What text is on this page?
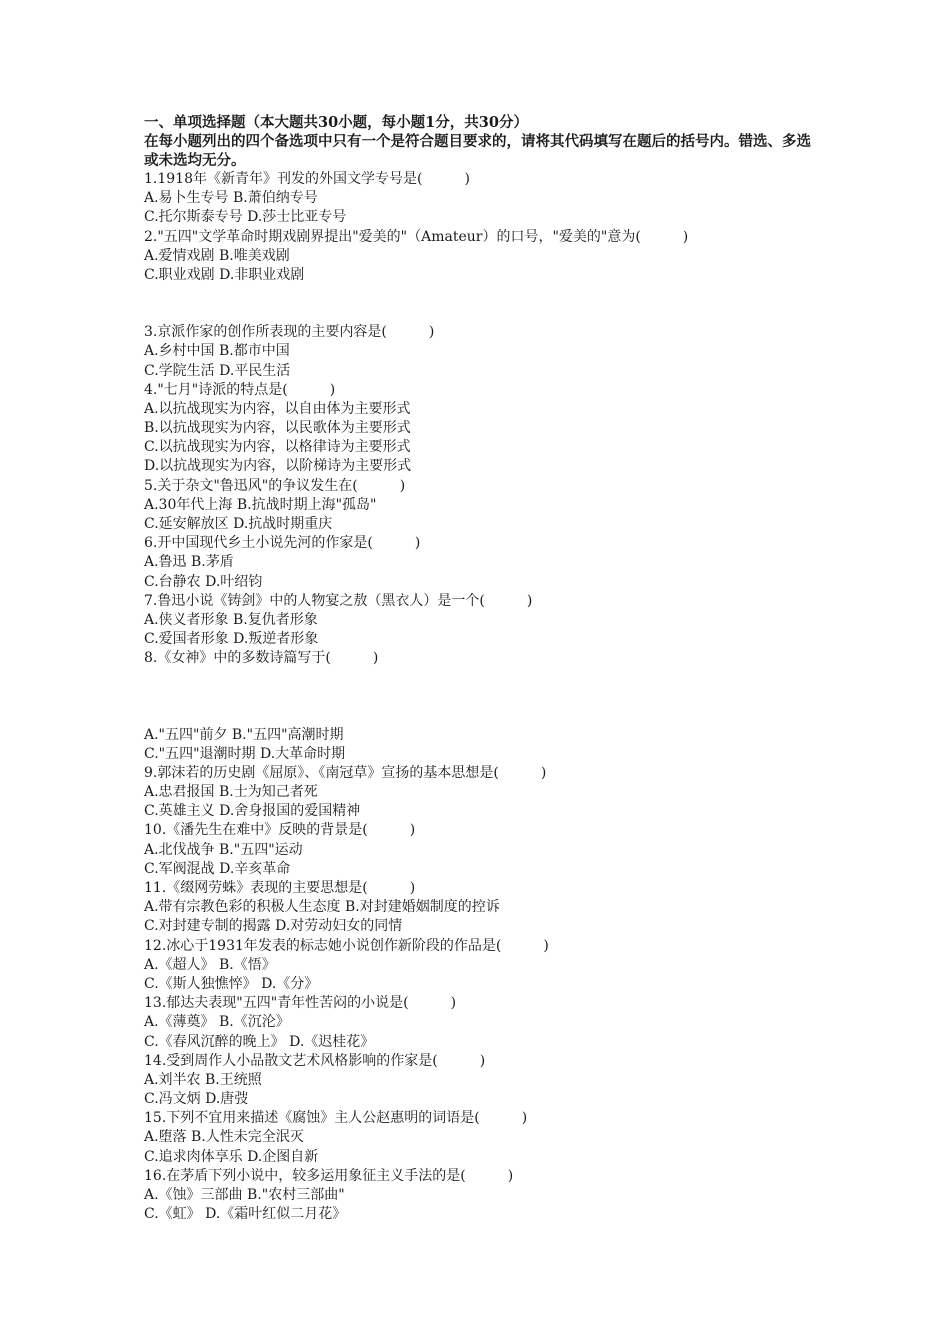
一、单项选择题（本大题共30小题，每小题1分，共30分）
在每小题列出的四个备选项中只有一个是符合题目要求的，请将其代码填写在题后的括号内。错选、多选或未选均无分。
1.1918年《新青年》刊发的外国文学专号是(　　　)
A.易卜生专号 B.萧伯纳专号
C.托尔斯泰专号 D.莎士比亚专号
2."五四"文学革命时期戏剧界提出"爱美的"（Amateur）的口号，"爱美的"意为(　　　)
A.爱情戏剧 B.唯美戏剧
C.职业戏剧 D.非职业戏剧
3.京派作家的创作所表现的主要内容是(　　　)
A.乡村中国 B.都市中国
C.学院生活 D.平民生活
4."七月"诗派的特点是(　　　)
A.以抗战现实为内容，以自由体为主要形式
B.以抗战现实为内容，以民歌体为主要形式
C.以抗战现实为内容，以格律诗为主要形式
D.以抗战现实为内容，以阶梯诗为主要形式
5.关于杂文"鲁迅风"的争议发生在(　　　)
A.30年代上海 B.抗战时期上海"孤岛"
C.延安解放区 D.抗战时期重庆
6.开中国现代乡土小说先河的作家是(　　　)
A.鲁迅 B.茅盾
C.台静农 D.叶绍钧
7.鲁迅小说《铸剑》中的人物宴之敖（黑衣人）是一个(　　　)
A.侠义者形象 B.复仇者形象
C.爱国者形象 D.叛逆者形象
8.《女神》中的多数诗篇写于(　　　)
A."五四"前夕 B."五四"高潮时期
C."五四"退潮时期 D.大革命时期
9.郭沫若的历史剧《屈原》、《南冠草》宣扬的基本思想是(　　　)
A.忠君报国 B.士为知己者死
C.英雄主义 D.舍身报国的爱国精神
10.《潘先生在难中》反映的背景是(　　　)
A.北伐战争 B."五四"运动
C.军阀混战 D.辛亥革命
11.《缀网劳蛛》表现的主要思想是(　　　)
A.带有宗教色彩的积极人生态度 B.对封建婚姻制度的控诉
C.对封建专制的揭露 D.对劳动妇女的同情
12.冰心于1931年发表的标志她小说创作新阶段的作品是(　　　)
A.《超人》 B.《悟》
C.《斯人独憔悴》 D.《分》
13.郁达夫表现"五四"青年性苦闷的小说是(　　　)
A.《薄奠》 B.《沉沦》
C.《春风沉醉的晚上》 D.《迟桂花》
14.受到周作人小品散文艺术风格影响的作家是(　　　)
A.刘半农 B.王统照
C.冯文炳 D.唐弢
15.下列不宜用来描述《腐蚀》主人公赵惠明的词语是(　　　)
A.堕落 B.人性未完全泯灭
C.追求肉体享乐 D.企图自新
16.在茅盾下列小说中，较多运用象征主义手法的是(　　　)
A.《蚀》三部曲 B."农村三部曲"
C.《虹》 D.《霜叶红似二月花》
